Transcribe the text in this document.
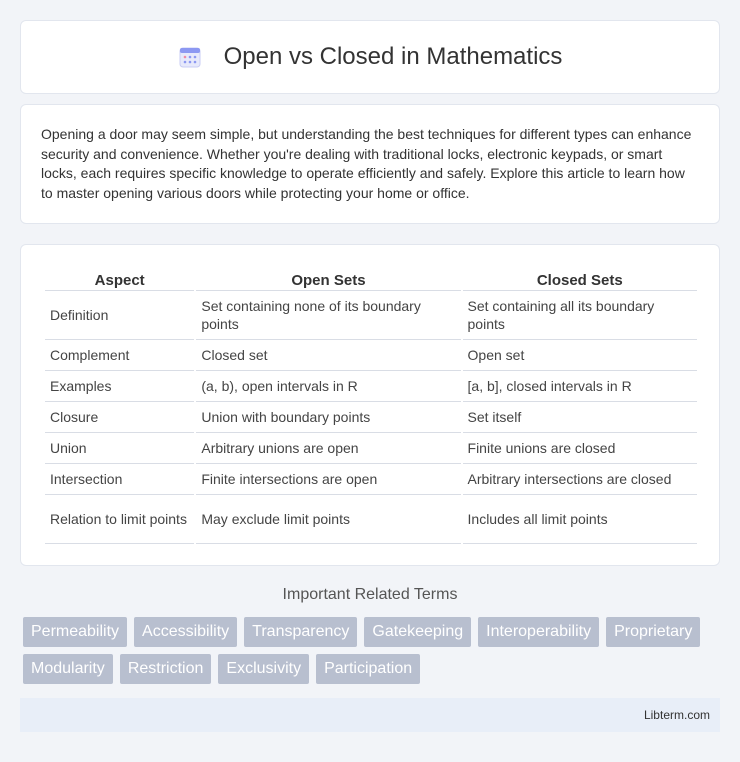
Open vs Closed in Mathematics

Opening a door may seem simple, but understanding the best techniques for different types can enhance security and convenience. Whether you're dealing with traditional locks, electronic keypads, or smart locks, each requires specific knowledge to operate efficiently and safely. Explore this article to learn how to master opening various doors while protecting your home or office.

Aspect	Open Sets	Closed Sets
Definition	Set containing none of its boundary points	Set containing all its boundary points
Complement	Closed set	Open set
Examples	(a, b), open intervals in R	[a, b], closed intervals in R
Closure	Union with boundary points	Set itself
Union	Arbitrary unions are open	Finite unions are closed
Intersection	Finite intersections are open	Arbitrary intersections are closed
Relation to limit points	May exclude limit points	Includes all limit points
Important Related Terms
Permeability	Accessibility	Transparency	Gatekeeping	Interoperability	Proprietary
Modularity	Restriction	Exclusivity	Participation
Libterm.com
